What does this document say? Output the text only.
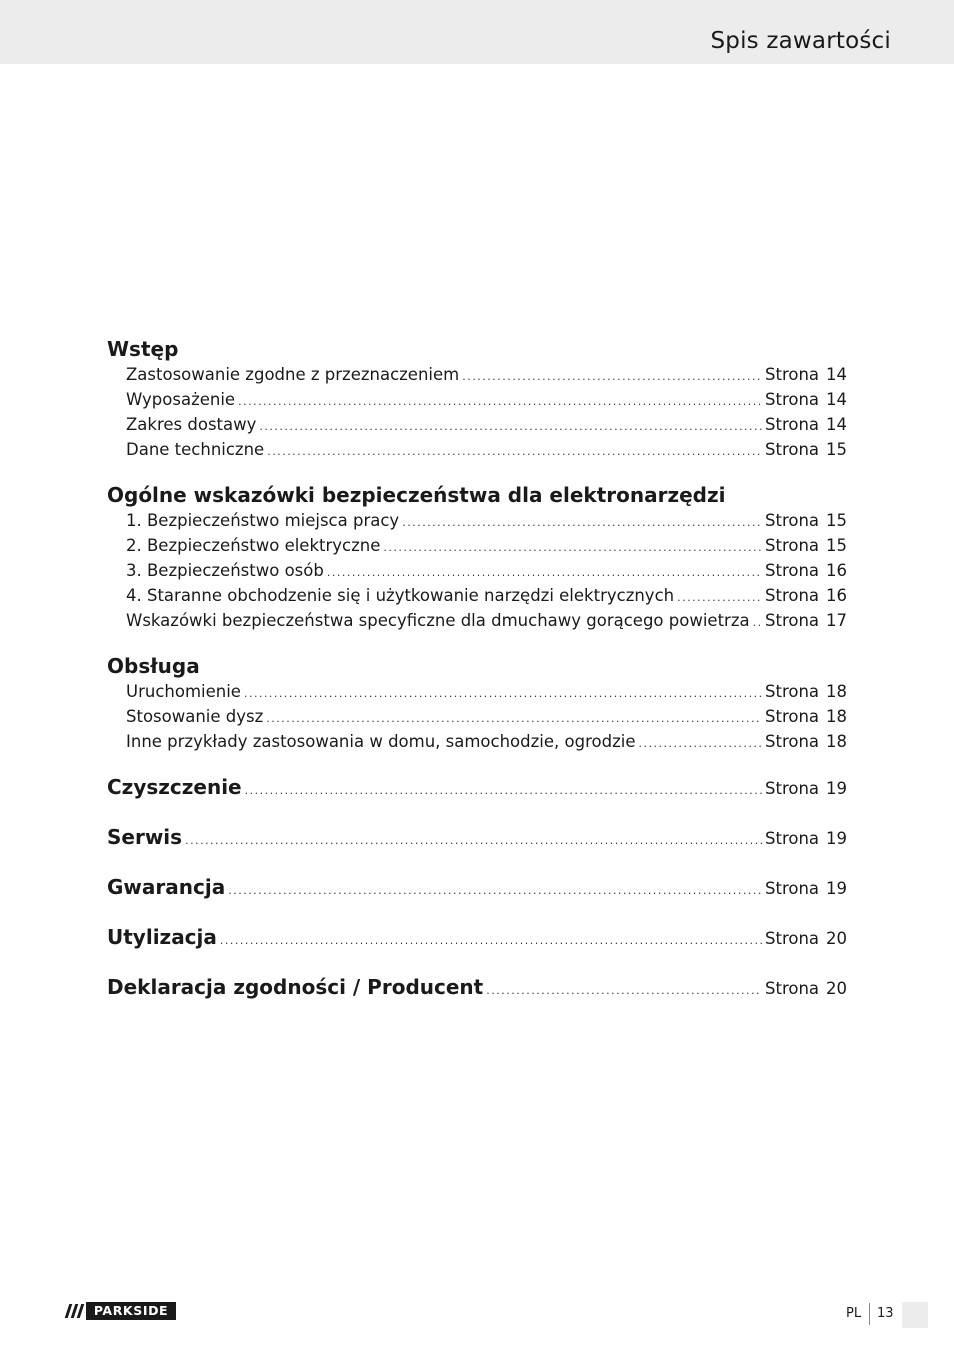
Spis zawartości
Wstęp
Zastosowanie zgodne z przeznaczeniem .....	Strona 14
Wyposażenie .....	Strona 14
Zakres dostawy .....	Strona 14
Dane techniczne .....	Strona 15
Ogólne wskazówki bezpieczeństwa dla elektronarzędzi
1. Bezpieczeństwo miejsca pracy .....	Strona 15
2. Bezpieczeństwo elektryczne .....	Strona 15
3. Bezpieczeństwo osób .....	Strona 16
4. Staranne obchodzenie się i użytkowanie narzędzi elektrycznych .....	Strona 16
Wskazówki bezpieczeństwa specyficzne dla dmuchawy gorącego powietrza ..... Strona 17
Obsługa
Uruchomienie .....	Strona 18
Stosowanie dysz .....	Strona 18
Inne przykłady zastosowania w domu, samochodzie, ogrodzie .....	Strona 18
Czyszczenie .....	Strona 19
Serwis .....	Strona 19
Gwarancja .....	Strona 19
Utylizacja .....	Strona 20
Deklaracja zgodności / Producent .....	Strona 20
PARKSIDE	PL 13
